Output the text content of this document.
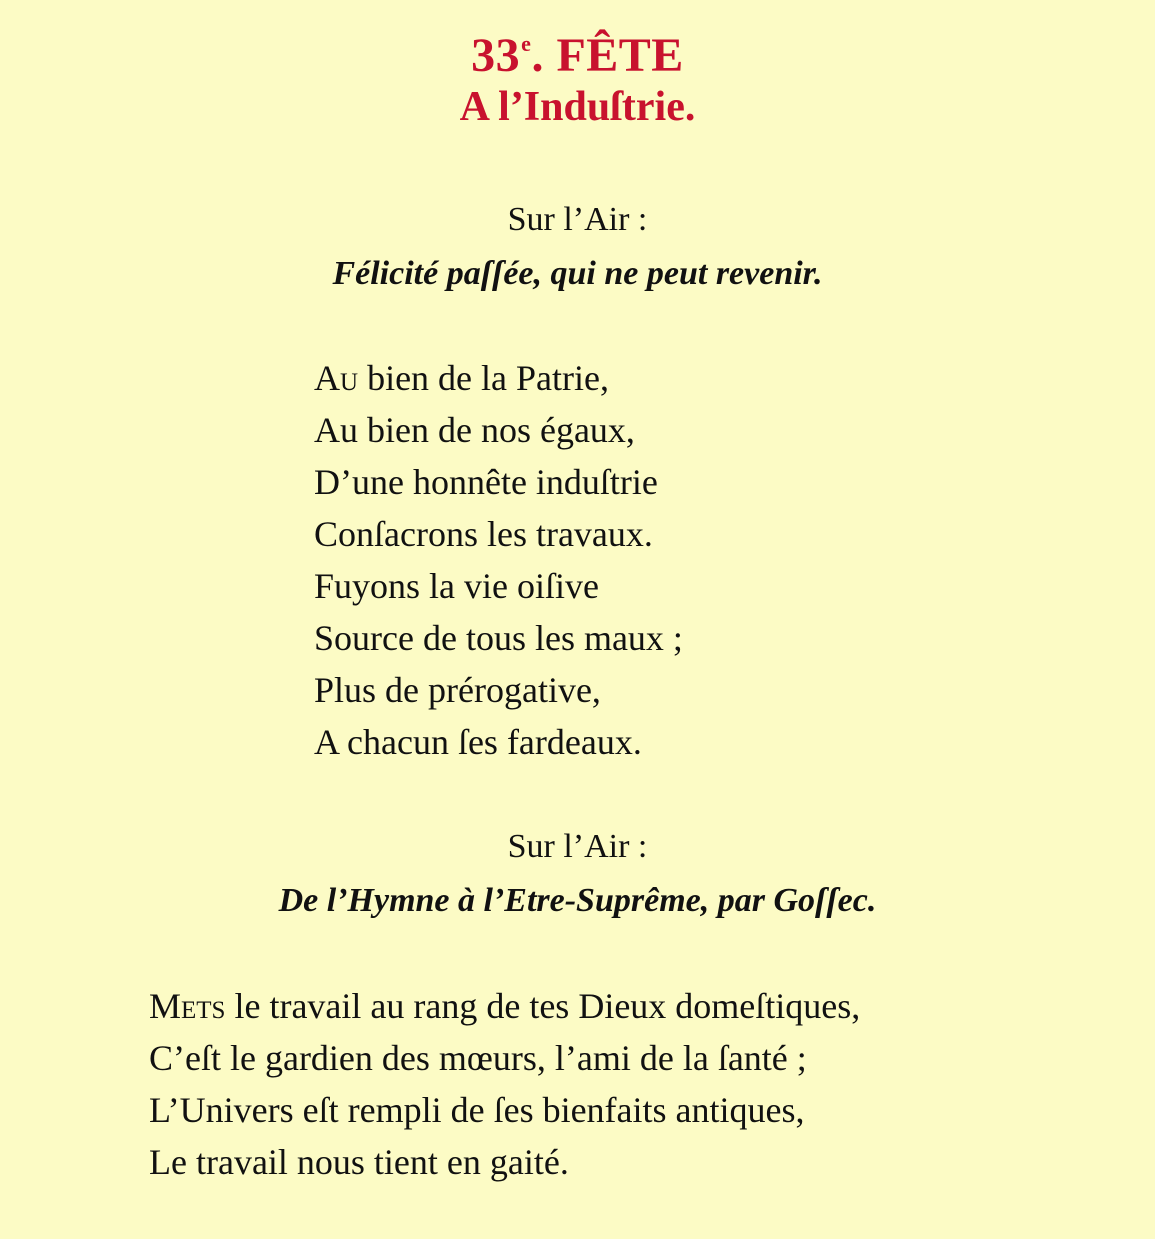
33e. FÊTE
A l’Induſtrie.
Sur l’Air :
Félicité paſſée, qui ne peut revenir.
Au bien de la Patrie,
Au bien de nos égaux,
D’une honnête induſtrie
Conſacrons les travaux.
Fuyons la vie oiſive
Source de tous les maux ;
Plus de prérogative,
A chacun ſes fardeaux.
Sur l’Air :
De l’Hymne à l’Etre-Suprême, par Goſſec.
Mets le travail au rang de tes Dieux domeſtiques,
C’eſt le gardien des mœurs, l’ami de la ſanté ;
L’Univers eſt rempli de ſes bienfaits antiques,
Le travail nous tient en gaité.
